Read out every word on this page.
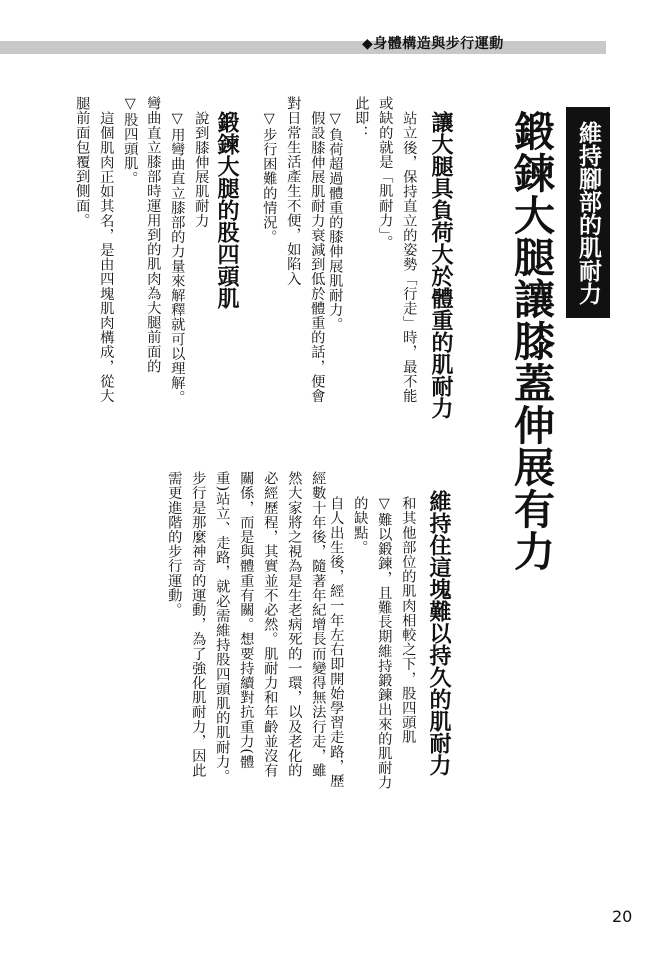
◆身體構造與步行運動
維持腳部的肌耐力
鍛鍊大腿讓膝蓋伸展有力
讓大腿具負荷大於體重的肌耐力
站立後，保持直立的姿勢「行走」時，最不能
或缺的就是「肌耐力」。
此即：
▽負荷超過體重的膝伸展肌耐力。
假設膝伸展肌耐力衰減到低於體重的話，便會
對日常生活產生不便，如陷入
▽步行困難的情況。
鍛鍊大腿的股四頭肌
說到膝伸展肌耐力
▽用彎曲直立膝部的力量來解釋就可以理解。
彎曲直立膝部時運用到的肌肉為大腿前面的
▽股四頭肌。
這個肌肉正如其名，是由四塊肌肉構成，從大
腿前面包覆到側面。
維持住這塊難以持久的肌耐力
和其他部位的肌肉相較之下，股四頭肌
▽難以鍛鍊，且難長期維持鍛鍊出來的肌耐力
的缺點。
自人出生後，經一年左右即開始學習走路，歷
經數十年後，隨著年紀增長而變得無法行走，雖
然大家將之視為是生老病死的一環，以及老化的
必經歷程，其實並不必然。肌耐力和年齡並沒有
關係，而是與體重有關。想要持續對抗重力(體
重)站立、走路，就必需維持股四頭肌的肌耐力。
步行是那麼神奇的運動，為了強化肌耐力，因此
需更進階的步行運動。
20
